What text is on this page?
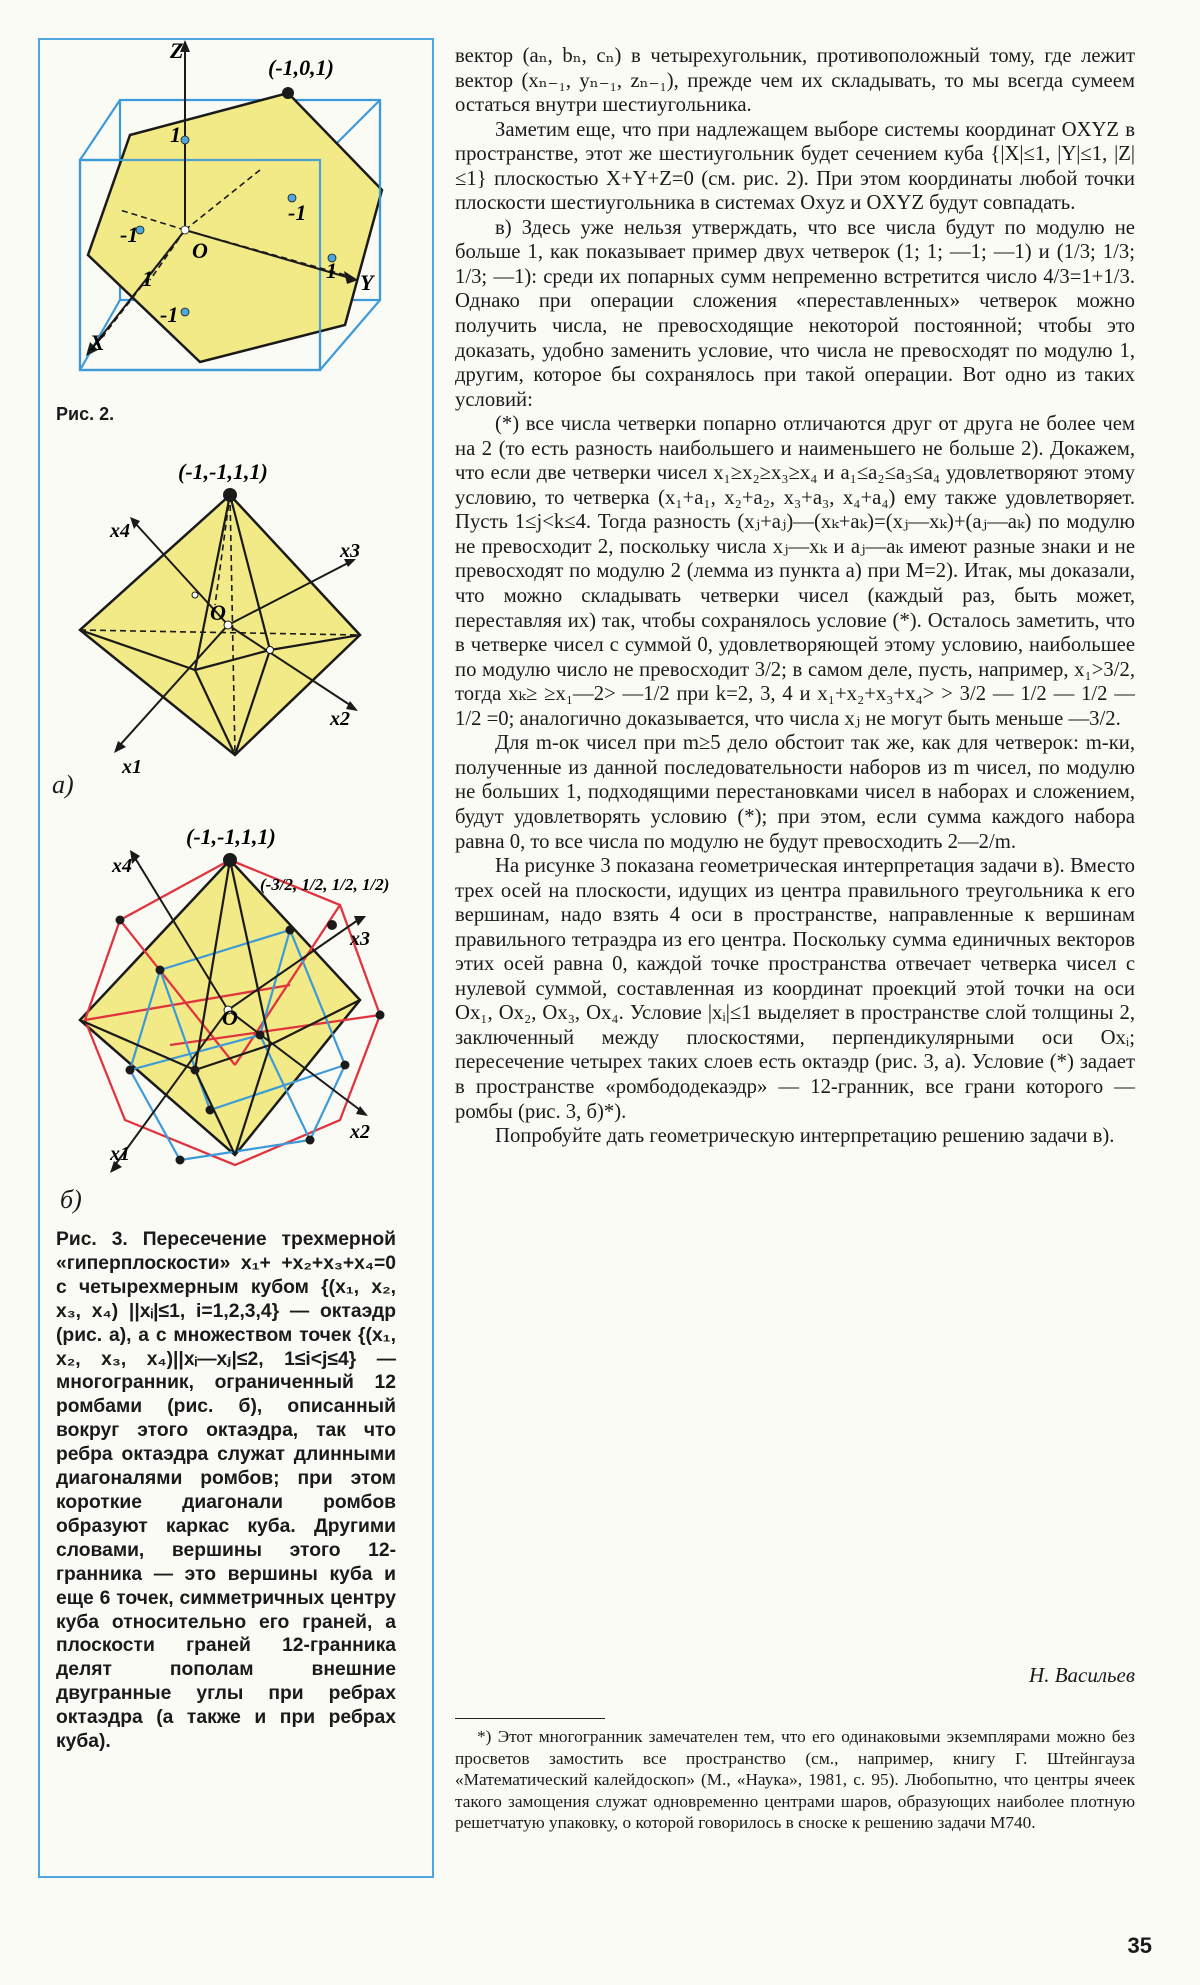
Z
Y
X
(-1,0,1)
O
1
-1
-1
1
1
-1
Рис. 2.
(-1,-1,1,1)
x4
x3
x2
x1
O
а)
(-1,-1,1,1)
(-3/2, 1/2, 1/2, 1/2)
x4
x3
x2
x1
O
б)

Рис. 3. Пересечение трехмерной «гиперплоскости» x₁+ +x₂+x₃+x₄=0 с четырехмерным кубом {(x₁, x₂, x₃, x₄) ||xᵢ|≤1, i=1,2,3,4} — октаэдр (рис. а), а с множеством точек {(x₁, x₂, x₃, x₄)||xᵢ—xⱼ|≤2, 1≤i<j≤4} — многогранник, ограниченный 12 ромбами (рис. б), описанный вокруг этого октаэдра, так что ребра октаэдра служат длинными диагоналями ромбов; при этом короткие диагонали ромбов образуют каркас куба. Другими словами, вершины этого 12-гранника — это вершины куба и еще 6 точек, симметричных центру куба относительно его граней, а плоскости граней 12-гранника делят пополам внешние двугранные углы при ребрах октаэдра (а также и при ребрах куба).

вектор (aₙ, bₙ, cₙ) в четырехугольник, противоположный тому, где лежит вектор (xₙ₋₁, yₙ₋₁, zₙ₋₁), прежде чем их складывать, то мы всегда сумеем остаться внутри шестиугольника.

Заметим еще, что при надлежащем выборе системы координат OXYZ в пространстве, этот же шестиугольник будет сечением куба {|X|≤1, |Y|≤1, |Z|≤1} плоскостью X+Y+Z=0 (см. рис. 2). При этом координаты любой точки плоскости шестиугольника в системах Oxyz и OXYZ будут совпадать.

в) Здесь уже нельзя утверждать, что все числа будут по модулю не больше 1, как показывает пример двух четверок (1; 1; —1; —1) и (1/3; 1/3; 1/3; —1): среди их попарных сумм непременно встретится число 4/3=1+1/3. Однако при операции сложения «переставленных» четверок можно получить числа, не превосходящие некоторой постоянной; чтобы это доказать, удобно заменить условие, что числа не превосходят по модулю 1, другим, которое бы сохранялось при такой операции. Вот одно из таких условий:

(*) все числа четверки попарно отличаются друг от друга не более чем на 2 (то есть разность наибольшего и наименьшего не больше 2). Докажем, что если две четверки чисел x₁≥x₂≥x₃≥x₄ и a₁≤a₂≤a₃≤a₄ удовлетворяют этому условию, то четверка (x₁+a₁, x₂+a₂, x₃+a₃, x₄+a₄) ему также удовлетворяет. Пусть 1≤j<k≤4. Тогда разность (xⱼ+aⱼ)—(xₖ+aₖ)=(xⱼ—xₖ)+(aⱼ—aₖ) по модулю не превосходит 2, поскольку числа xⱼ—xₖ и aⱼ—aₖ имеют разные знаки и не превосходят по модулю 2 (лемма из пункта а) при M=2). Итак, мы доказали, что можно складывать четверки чисел (каждый раз, быть может, переставляя их) так, чтобы сохранялось условие (*). Осталось заметить, что в четверке чисел с суммой 0, удовлетворяющей этому условию, наибольшее по модулю число не превосходит 3/2; в самом деле, пусть, например, x₁>3/2, тогда xₖ≥ ≥x₁—2> —1/2 при k=2, 3, 4 и x₁+x₂+x₃+x₄> > 3/2 — 1/2 — 1/2 — 1/2 =0; аналогично доказывается, что числа xⱼ не могут быть меньше —3/2.

Для m-ок чисел при m≥5 дело обстоит так же, как для четверок: m-ки, полученные из данной последовательности наборов из m чисел, по модулю не больших 1, подходящими перестановками чисел в наборах и сложением, будут удовлетворять условию (*); при этом, если сумма каждого набора равна 0, то все числа по модулю не будут превосходить 2—2/m.

На рисунке 3 показана геометрическая интерпретация задачи в). Вместо трех осей на плоскости, идущих из центра правильного треугольника к его вершинам, надо взять 4 оси в пространстве, направленные к вершинам правильного тетраэдра из его центра. Поскольку сумма единичных векторов этих осей равна 0, каждой точке пространства отвечает четверка чисел с нулевой суммой, составленная из координат проекций этой точки на оси Ox₁, Ox₂, Ox₃, Ox₄. Условие |xᵢ|≤1 выделяет в пространстве слой толщины 2, заключенный между плоскостями, перпендикулярными оси Oxᵢ; пересечение четырех таких слоев есть октаэдр (рис. 3, а). Условие (*) задает в пространстве «ромбододекаэдр» — 12-гранник, все грани которого — ромбы (рис. 3, б)*).

Попробуйте дать геометрическую интерпретацию решению задачи в).

Н. Васильев

*) Этот многогранник замечателен тем, что его одинаковыми экземплярами можно без просветов замостить все пространство (см., например, книгу Г. Штейнгауза «Математический калейдоскоп» (М., «Наука», 1981, с. 95). Любопытно, что центры ячеек такого замощения служат одновременно центрами шаров, образующих наиболее плотную решетчатую упаковку, о которой говорилось в сноске к решению задачи М740.

35
